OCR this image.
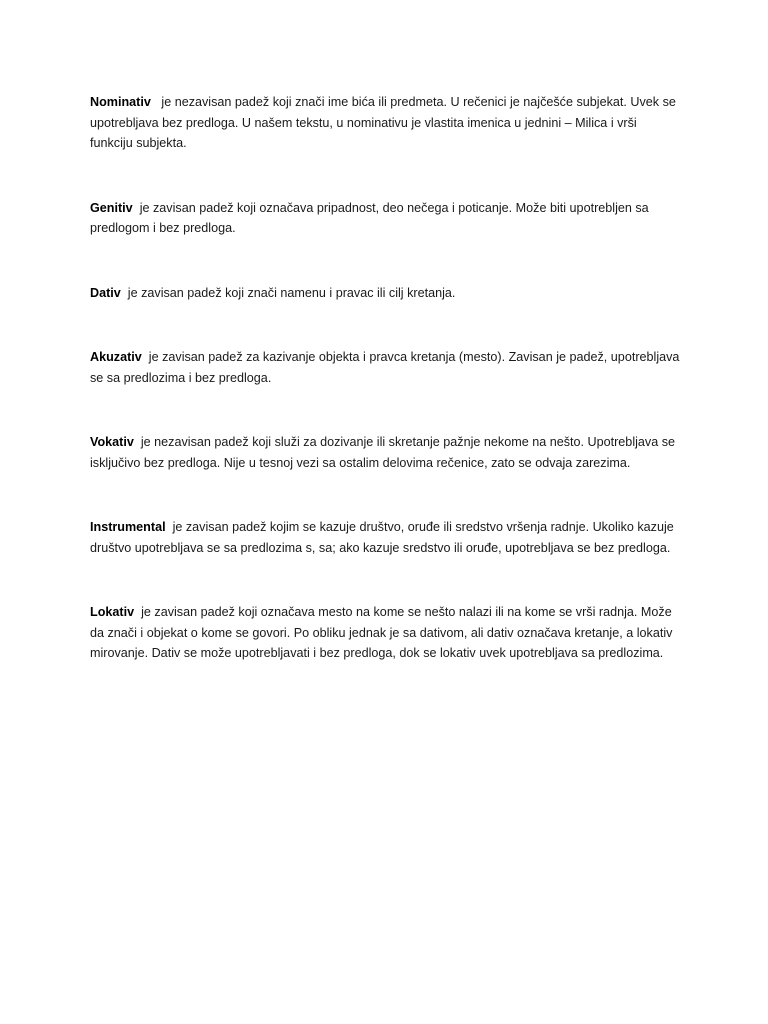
Nominativ je nezavisan padež koji znači ime bića ili predmeta. U rečenici je najčešće subjekat. Uvek se upotrebljava bez predloga. U našem tekstu, u nominativu je vlastita imenica u jednini – Milica i vrši funkciju subjekta.

Genitiv je zavisan padež koji označava pripadnost, deo nečega i poticanje. Može biti upotrebljen sa predlogom i bez predloga.

Dativ je zavisan padež koji znači namenu i pravac ili cilj kretanja.

Akuzativ je zavisan padež za kazivanje objekta i pravca kretanja (mesto). Zavisan je padež, upotrebljava se sa predlozima i bez predloga.

Vokativ je nezavisan padež koji služi za dozivanje ili skretanje pažnje nekome na nešto. Upotrebljava se isključivo bez predloga. Nije u tesnoj vezi sa ostalim delovima rečenice, zato se odvaja zarezima.

Instrumental je zavisan padež kojim se kazuje društvo, oruđe ili sredstvo vršenja radnje. Ukoliko kazuje društvo upotrebljava se sa predlozima s, sa; ako kazuje sredstvo ili oruđe, upotrebljava se bez predloga.

Lokativ je zavisan padež koji označava mesto na kome se nešto nalazi ili na kome se vrši radnja. Može da znači i objekat o kome se govori. Po obliku jednak je sa dativom, ali dativ označava kretanje, a lokativ mirovanje. Dativ se može upotrebljavati i bez predloga, dok se lokativ uvek upotrebljava sa predlozima.
